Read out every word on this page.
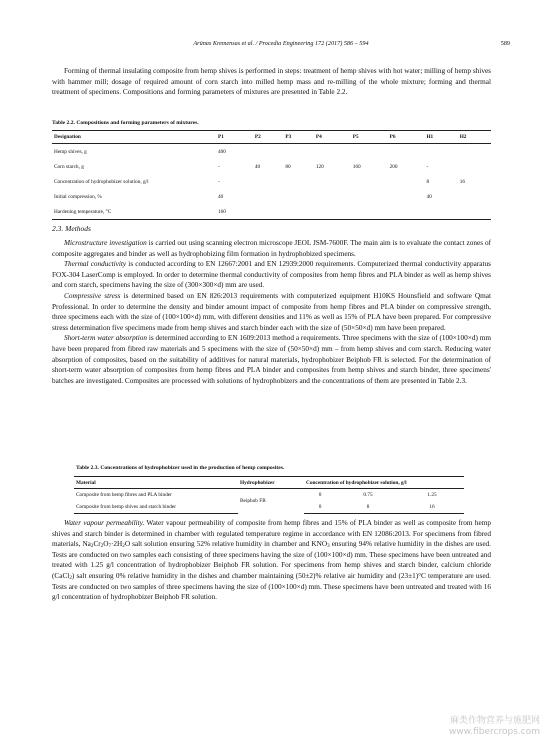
Arūnas Kremensas et al. / Procedia Engineering 172 (2017) 586 – 594	589
Forming of thermal insulating composite from hemp shives is performed in steps: treatment of hemp shives with hot water; milling of hemp shives with hammer mill; dosage of required amount of corn starch into milled hemp mass and re-milling of the whole mixture; forming and thermal treatment of specimens. Compositions and forming parameters of mixtures are presented in Table 2.2.
Table 2.2. Compositions and forming parameters of mixtures.
Designation	P1	P2	P3	P4	P5	P6	H1	H2
Hemp shives, g	400							
Corn starch, g	-	40	80	120	160	200	-	
Concentration of hydrophobizer solution, g/l	-						8	16
Initial compression, %	40						40	
Hardening temperature, °C	160							
2.3. Methods
Microstructure investigation is carried out using scanning electron microscope JEOL JSM-7600F. The main aim is to evaluate the contact zones of composite aggregates and binder as well as hydrophobizing film formation in hydrophobized specimens.
Thermal conductivity is conducted according to EN 12667:2001 and EN 12939:2000 requirements. Computerized thermal conductivity apparatus FOX-304 LaserComp is employed. In order to determine thermal conductivity of composites from hemp fibres and PLA binder as well as hemp shives and corn starch, specimens having the size of (300×300×d) mm are used.
Compressive stress is determined based on EN 826:2013 requirements with computerized equipment H10KS Hounsfield and software Qmat Professional. In order to determine the density and binder amount impact of composite from hemp fibres and PLA binder on compressive strength, three specimens each with the size of (100×100×d) mm, with different densities and 11% as well as 15% of PLA have been prepared. For compressive stress determination five specimens made from hemp shives and starch binder each with the size of (50×50×d) mm have been prepared.
Short-term water absorption is determined according to EN 1609:2013 method a requirements. Three specimens with the size of (100×100×d) mm have been prepared from fibred raw materials and 5 specimens with the size of (50×50×d) mm – from hemp shives and corn starch. Reducing water absorption of composites, based on the suitability of additives for natural materials, hydrophobizer Beiphob FR is selected. For the determination of short-term water absorption of composites from hemp fibres and PLA binder and composites from hemp shives and starch binder, three specimens' batches are investigated. Composites are processed with solutions of hydrophobizers and the concentrations of them are presented in Table 2.3.
Table 2.3. Concentrations of hydrophobizer used in the production of hemp composites.
Material	Hydrophobizer	Concentration of hydrophobizer solution, g/l		
Composite from hemp fibres and PLA binder	Beiphob FR	0	0.75	1.25
Composite from hemp shives and starch binder		0	8	16
Water vapour permeability. Water vapour permeability of composite from hemp fibres and 15% of PLA binder as well as composite from hemp shives and starch binder is determined in chamber with regulated temperature regime in accordance with EN 12086:2013. For specimens from fibred materials, $Na_2Cr_2O_7\cdot 2H_2O$ salt solution ensuring 52% relative humidity in chamber and $KNO_3$ ensuring 94% relative humidity in the dishes are used. Tests are conducted on two samples each consisting of three specimens having the size of (100×100×d) mm. These specimens have been untreated and treated with 1.25 g/l concentration of hydrophobizer Beiphob FR solution. For specimens from hemp shives and starch binder, calcium chloride (CaCl$_2$) salt ensuring 0% relative humidity in the dishes and chamber maintaining (50±2)% relative air humidity and (23±1)°C temperature are used. Tests are conducted on two samples of three specimens having the size of (100×100×d) mm. These specimens have been untreated and treated with 16 g/l concentration of hydrophobizer Beiphob FR solution.
麻类作物营养与施肥网
www.fibercrops.com
